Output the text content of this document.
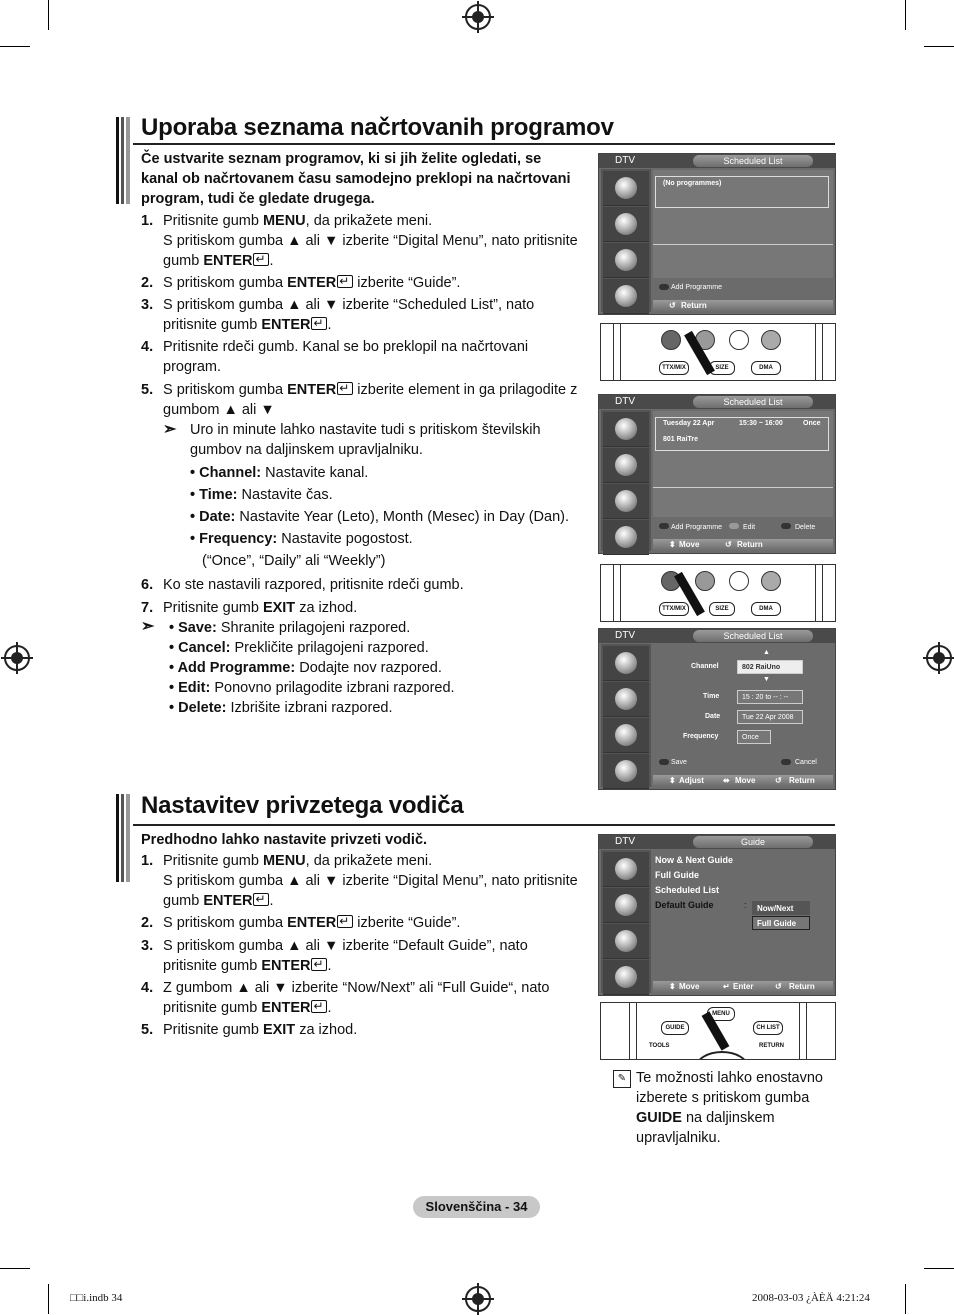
Uporaba seznama načrtovanih programov
Če ustvarite seznam programov, ki si jih želite ogledati, se
kanal ob načrtovanem času samodejno preklopi na načrtovani
program, tudi če gledate drugega.
1. Pritisnite gumb MENU, da prikažete meni.
S pritiskom gumba ▲ ali ▼ izberite “Digital Menu”, nato pritisnite
gumb ENTER ↵ .
2. S pritiskom gumba ENTER↵ izberite “Guide”.
3. S pritiskom gumba ▲ ali ▼ izberite “Scheduled List”, nato
pritisnite gumb ENTER ↵ .
4. Pritisnite rdeči gumb. Kanal se bo preklopil na načrtovani
program.
5. S pritiskom gumba ENTER↵ izberite element in ga prilagodite z
gumbom ▲ ali ▼
➣ Uro in minute lahko nastavite tudi s pritiskom številskih
gumbov na daljinskem upravljalniku.
• Channel: Nastavite kanal.
• Time: Nastavite čas.
• Date: Nastavite Year (Leto), Month (Mesec) in Day (Dan).
• Frequency: Nastavite pogostost.
(“Once”, “Daily” ali “Weekly”)
6. Ko ste nastavili razpored, pritisnite rdeči gumb.
7. Pritisnite gumb EXIT za izhod.
➣ • Save: Shranite prilagojeni razpored.
• Cancel: Prekličite prilagojeni razpored.
• Add Programme: Dodajte nov razpored.
• Edit: Ponovno prilagodite izbrani razpored.
• Delete: Izbrišite izbrani razpored.
DTV	Scheduled List
(No programmes)
Add Programme
↺ Return
TTX/MIX	SIZE	DMA
DTV	Scheduled List
Tuesday 22 Apr	15:30 ~ 16:00	Once
801 RaiTre
Add Programme	Edit	Delete
⬍ Move	↺ Return
TTX/MIX	SIZE	DMA
DTV	Scheduled List
▲
Channel	802 RaiUno
▼
Time	15 : 20 to -- : --
Date	Tue 22 Apr 2008
Frequency	Once
Save	Cancel
⬍ Adjust ⬌ Move ↺ Return
Nastavitev privzetega vodiča
Predhodno lahko nastavite privzeti vodič.
1. Pritisnite gumb MENU, da prikažete meni.
S pritiskom gumba ▲ ali ▼ izberite “Digital Menu”, nato pritisnite
gumb ENTER ↵ .
2. S pritiskom gumba ENTER↵ izberite “Guide”.
3. S pritiskom gumba ▲ ali ▼ izberite “Default Guide”, nato
pritisnite gumb ENTER ↵ .
4. Z gumbom ▲ ali ▼ izberite “Now/Next” ali “Full Guide“, nato
pritisnite gumb ENTER ↵ .
5. Pritisnite gumb EXIT za izhod.
DTV	Guide
Now & Next Guide
Full Guide
Scheduled List
Default Guide	:	Now/Next
Full Guide
⬍ Move	↵ Enter	↺ Return
GUIDE
MENU
CH LIST
TOOLS	RETURN
✎ Te možnosti lahko enostavno
izberete s pritiskom gumba
GUIDE na daljinskem
upravljalniku.
Slovenščina - 34
□□i.indb 34	2008-03-03 ¿ÀÈÄ 4:21:24
